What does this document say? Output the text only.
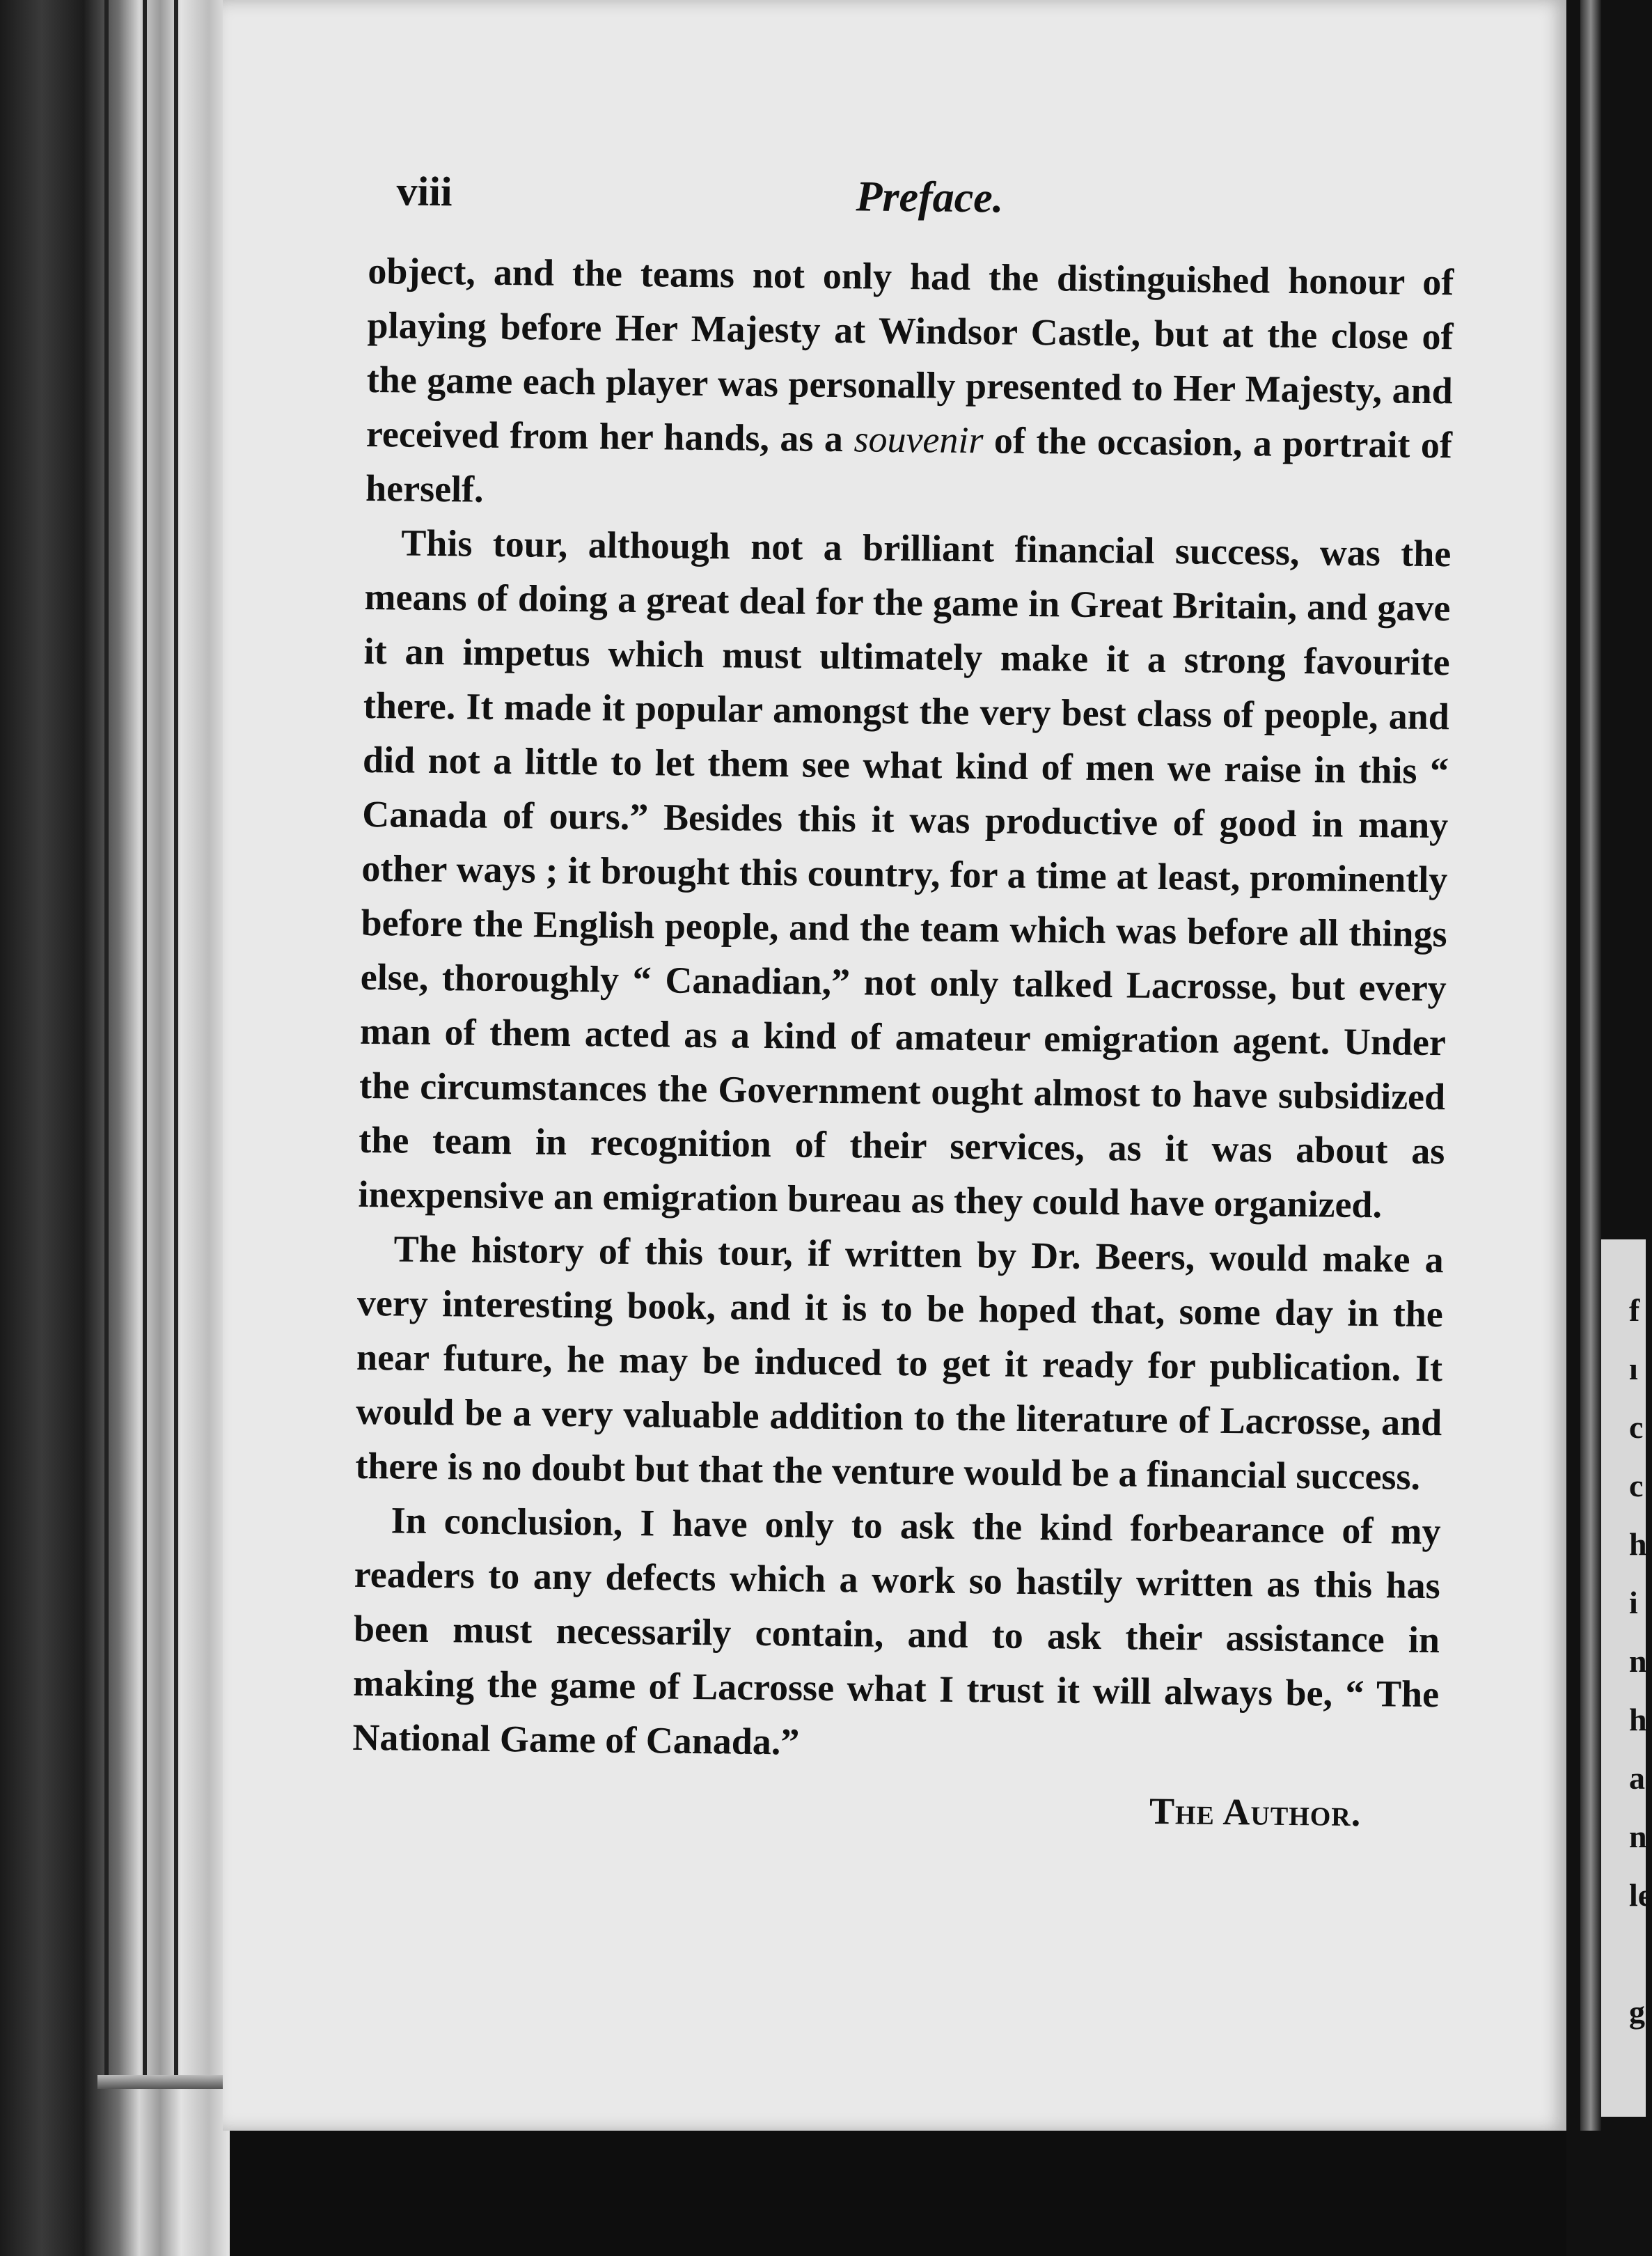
f
ı
c
c
h
i
n
h
a
n
le

g
viii	Preface.

object, and the teams not only had the distinguished honour of playing before Her Majesty at Windsor Castle, but at the close of the game each player was personally presented to Her Majesty, and received from her hands, as a souvenir of the occasion, a portrait of herself.

This tour, although not a brilliant financial success, was the means of doing a great deal for the game in Great Britain, and gave it an impetus which must ultimately make it a strong favourite there. It made it popular amongst the very best class of people, and did not a little to let them see what kind of men we raise in this “ Canada of ours.” Besides this it was productive of good in many other ways ; it brought this country, for a time at least, prominently before the English people, and the team which was before all things else, thoroughly “ Canadian,” not only talked Lacrosse, but every man of them acted as a kind of amateur emigration agent. Under the circumstances the Government ought almost to have subsidized the team in recognition of their services, as it was about as inexpensive an emigration bureau as they could have organized.

The history of this tour, if written by Dr. Beers, would make a very interesting book, and it is to be hoped that, some day in the near future, he may be induced to get it ready for publication. It would be a very valuable addition to the literature of Lacrosse, and there is no doubt but that the venture would be a financial success.

In conclusion, I have only to ask the kind forbearance of my readers to any defects which a work so hastily written as this has been must necessarily contain, and to ask their assistance in making the game of Lacrosse what I trust it will always be, “ The National Game of Canada.”

The Author.
